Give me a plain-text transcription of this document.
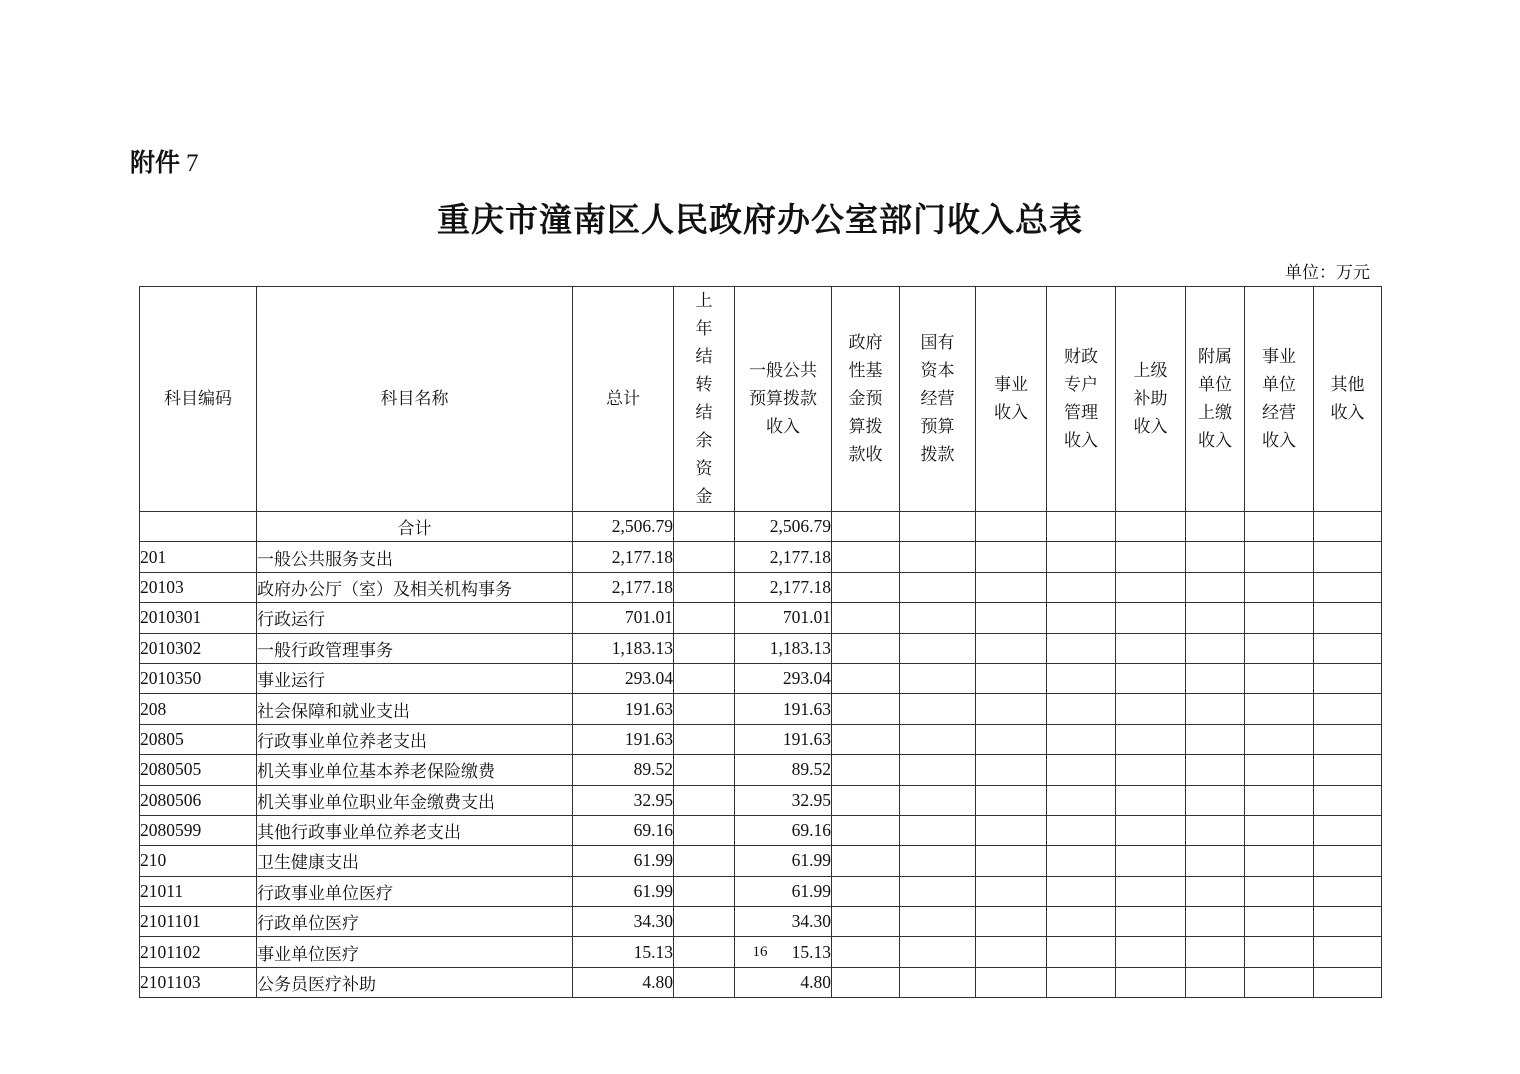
附件 7
重庆市潼南区人民政府办公室部门收入总表
单位：万元
科目编码	科目名称	总计	上年结转结余资金	一般公共预算拨款收入	政府性基金预算拨款收	国有资本经营预算拨款	事业收入	财政专户管理收入	上级补助收入	附属单位上缴收入	事业单位经营收入	其他收入
	合计	2,506.79		2,506.79								
201	一般公共服务支出	2,177.18		2,177.18								
20103	政府办公厅（室）及相关机构事务	2,177.18		2,177.18								
2010301	行政运行	701.01		701.01								
2010302	一般行政管理事务	1,183.13		1,183.13								
2010350	事业运行	293.04		293.04								
208	社会保障和就业支出	191.63		191.63								
20805	行政事业单位养老支出	191.63		191.63								
2080505	机关事业单位基本养老保险缴费	89.52		89.52								
2080506	机关事业单位职业年金缴费支出	32.95		32.95								
2080599	其他行政事业单位养老支出	69.16		69.16								
210	卫生健康支出	61.99		61.99								
21011	行政事业单位医疗	61.99		61.99								
2101101	行政单位医疗	34.30		34.30								
2101102	事业单位医疗	15.13		15.13								
2101103	公务员医疗补助	4.80		4.80								
16
